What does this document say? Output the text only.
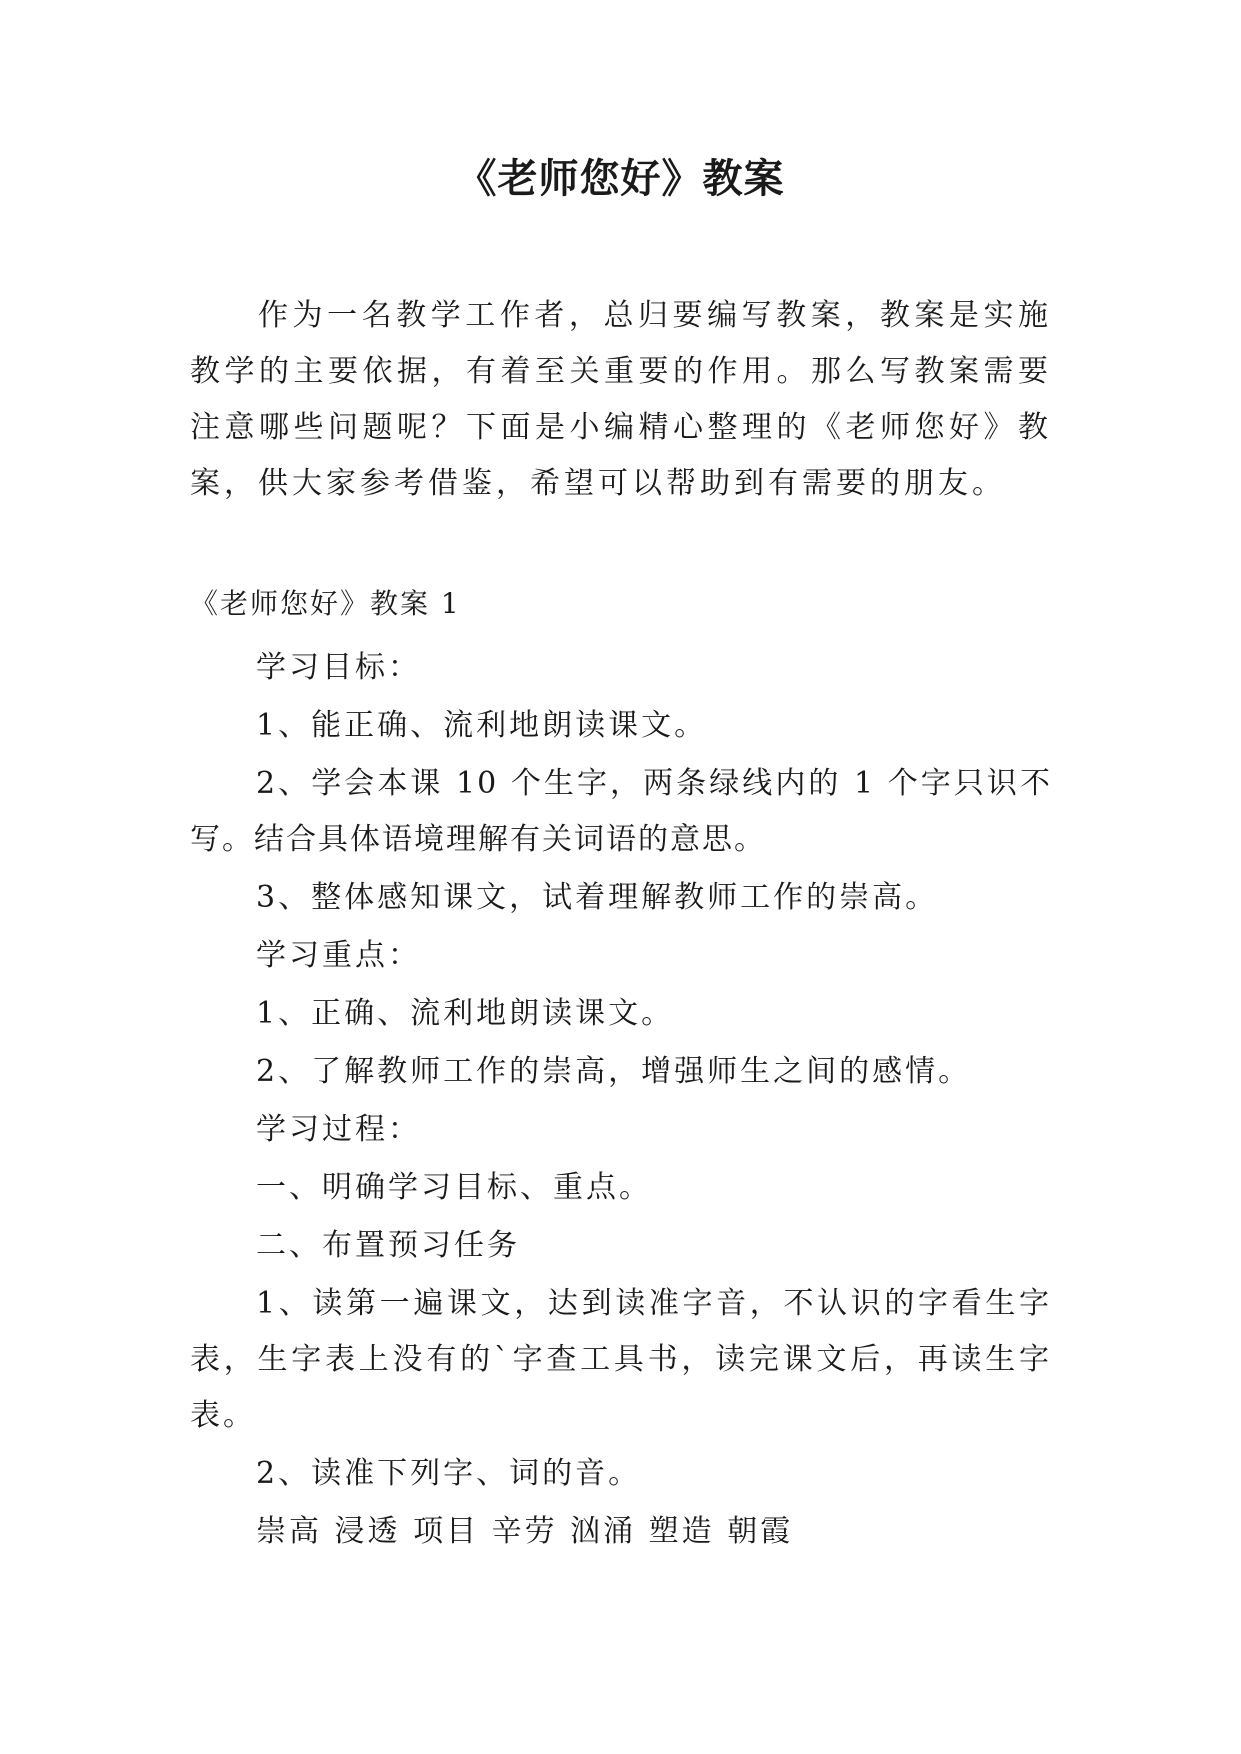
《老师您好》教案

作为一名教学工作者，总归要编写教案，教案是实施教学的主要依据，有着至关重要的作用。那么写教案需要注意哪些问题呢？下面是小编精心整理的《老师您好》教案，供大家参考借鉴，希望可以帮助到有需要的朋友。

《老师您好》教案 1

学习目标：

1、能正确、流利地朗读课文。

2、学会本课 10 个生字，两条绿线内的 1 个字只识不写。结合具体语境理解有关词语的意思。

3、整体感知课文，试着理解教师工作的崇高。

学习重点：

1、正确、流利地朗读课文。

2、了解教师工作的崇高，增强师生之间的感情。

学习过程：

一、明确学习目标、重点。

二、布置预习任务

1、读第一遍课文，达到读准字音，不认识的字看生字表，生字表上没有的`字查工具书，读完课文后，再读生字表。

2、读准下列字、词的音。

崇高 浸透 项目 辛劳 汹涌 塑造 朝霞
